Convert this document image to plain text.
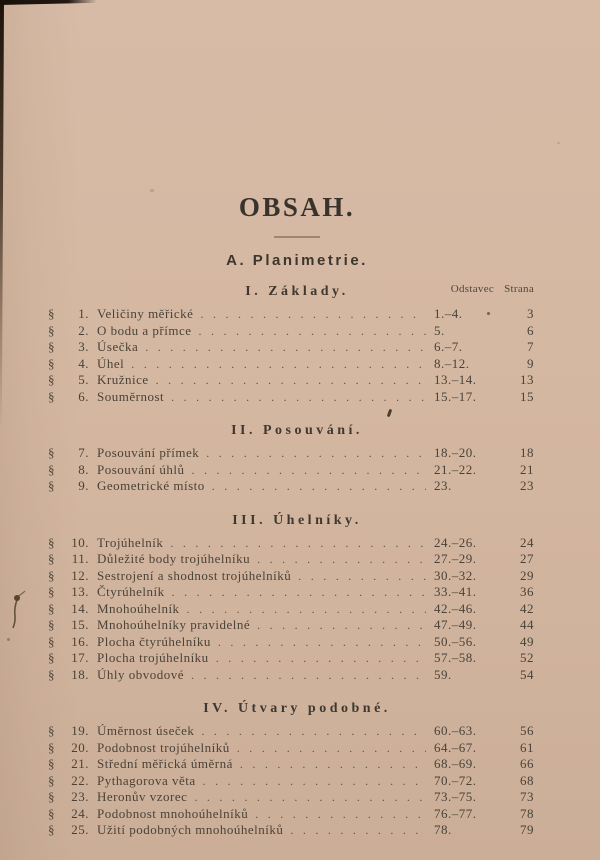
OBSAH.
A. Planimetrie.
I. Základy.
§	1. Veličiny měřické .....	1.–4.	3
§	2. O bodu a přímce .....	5.	6
§	3. Úsečka .....	6.–7.	7
§	4. Úhel .....	8.–12.	9
§	5. Kružnice .....	13.–14.	13
§	6. Souměrnost .....	15.–17.	15
II. Posouvání.
§	7. Posouvání přímek .....	18.–20.	18
§	8. Posouvání úhlů .....	21.–22.	21
§	9. Geometrické místo .....	23.	23
III. Úhelníky.
§	10. Trojúhelník .....	24.–26.	24
§	11. Důležité body trojúhelníku .....	27.–29.	27
§	12. Sestrojení a shodnost trojúhelníků .....	30.–32.	29
§	13. Čtyrúhelník .....	33.–41.	36
§	14. Mnohoúhelník .....	42.–46.	42
§	15. Mnohoúhelníky pravidelné .....	47.–49.	44
§	16. Plocha čtyrúhelníku .....	50.–56.	49
§	17. Plocha trojúhelníku .....	57.–58.	52
§	18. Úhly obvodové .....	59.	54
IV. Útvary podobné.
§	19. Úměrnost úseček .....	60.–63.	56
§	20. Podobnost trojúhelníků .....	64.–67.	61
§	21. Střední měřická úměrná .....	68.–69.	66
§	22. Pythagorova věta .....	70.–72.	68
§	23. Heronův vzorec .....	73.–75.	73
§	24. Podobnost mnohoúhelníků .....	76.–77.	78
§	25. Užití podobných mnohoúhelníků .....	78.	79
Odstavec Strana
